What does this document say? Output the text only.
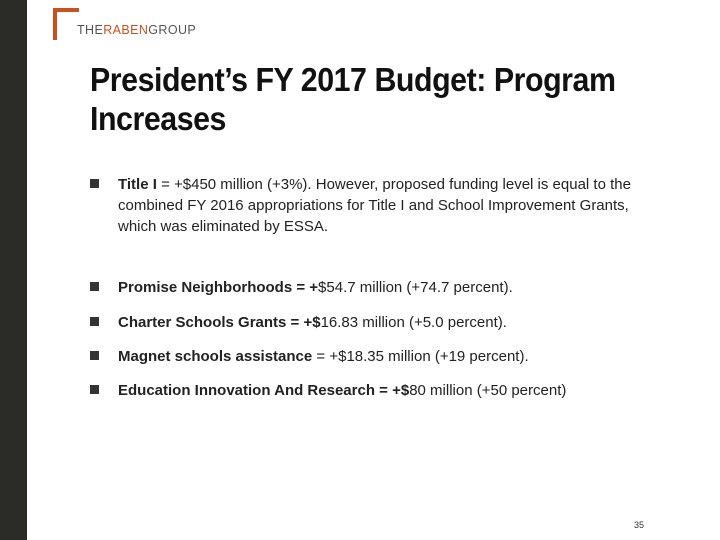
THERABENGROUP
President’s FY 2017 Budget: Program Increases
Title I = +$450 million (+3%). However, proposed funding level is equal to the combined FY 2016 appropriations for Title I and School Improvement Grants, which was eliminated by ESSA.
Promise Neighborhoods = +$54.7 million (+74.7 percent).
Charter Schools Grants = +$16.83 million (+5.0 percent).
Magnet schools assistance = +$18.35 million (+19 percent).
Education Innovation And Research = +$80 million (+50 percent)
35
